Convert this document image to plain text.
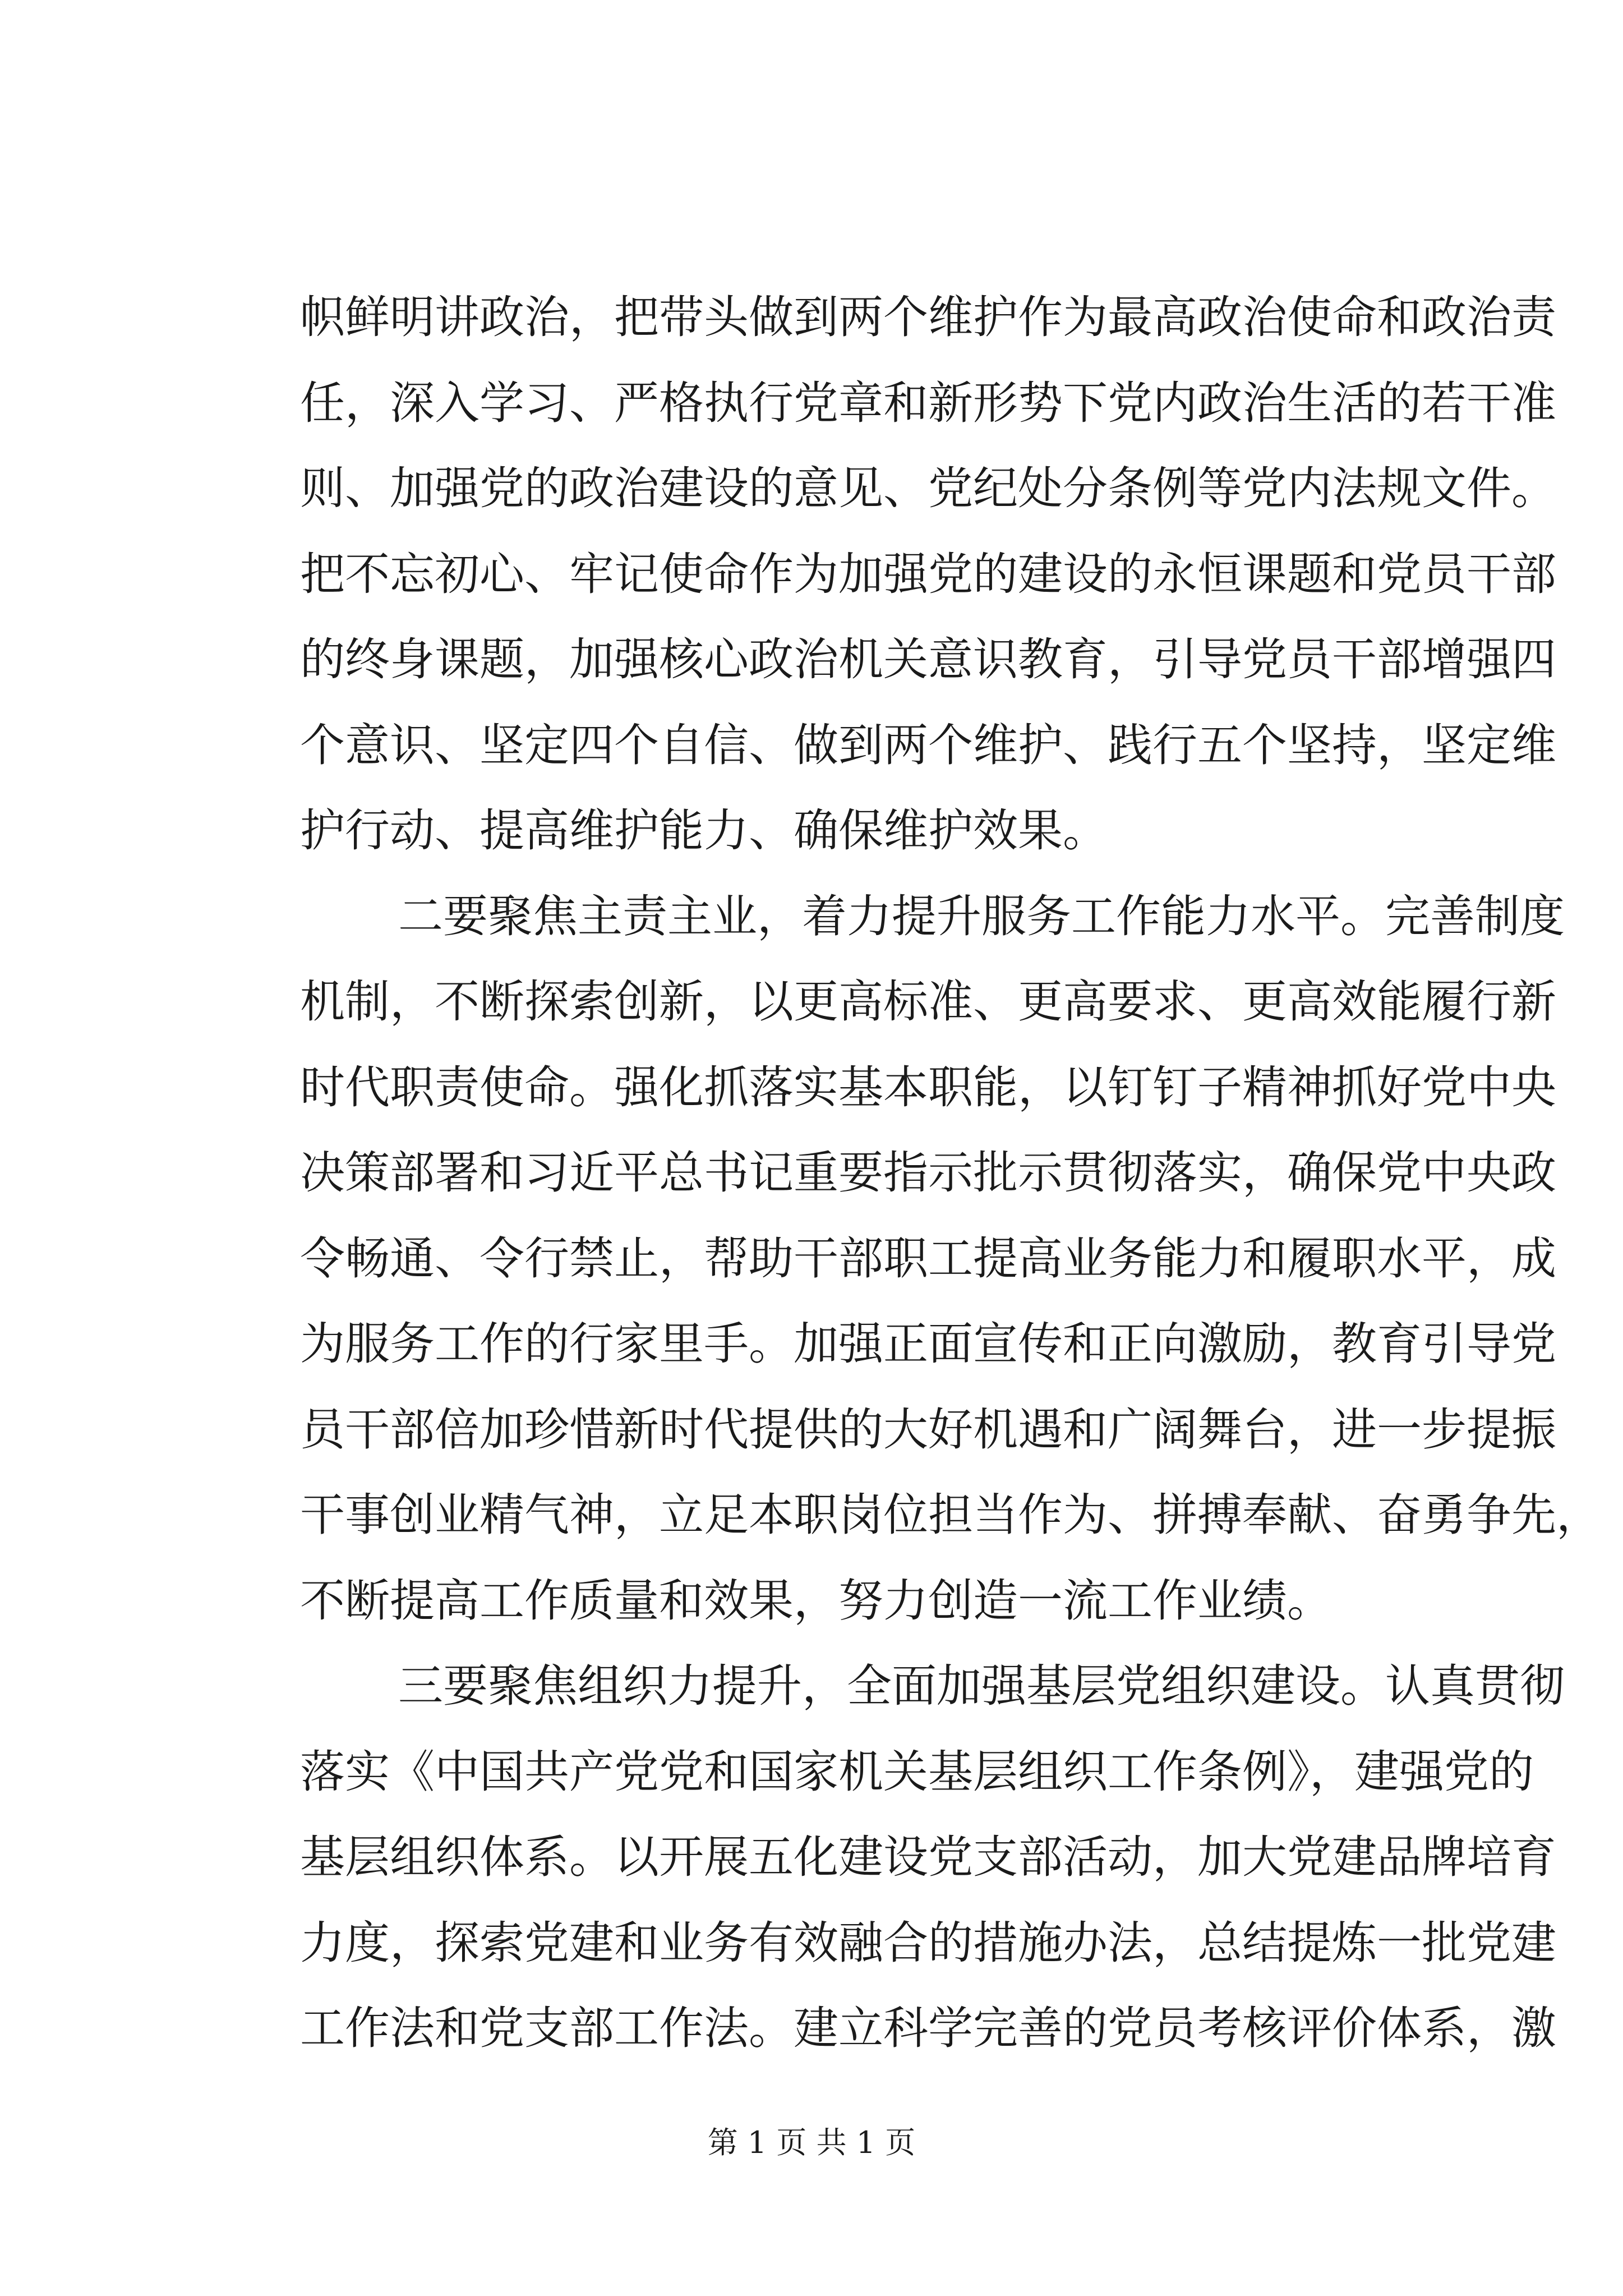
帜鲜明讲政治，把带头做到两个维护作为最高政治使命和政治责
任，深入学习、严格执行党章和新形势下党内政治生活的若干准
则、加强党的政治建设的意见、党纪处分条例等党内法规文件。
把不忘初心、牢记使命作为加强党的建设的永恒课题和党员干部
的终身课题，加强核心政治机关意识教育，引导党员干部增强四
个意识、坚定四个自信、做到两个维护、践行五个坚持，坚定维
护行动、提高维护能力、确保维护效果。
二要聚焦主责主业，着力提升服务工作能力水平。完善制度
机制，不断探索创新，以更高标准、更高要求、更高效能履行新
时代职责使命。强化抓落实基本职能，以钉钉子精神抓好党中央
决策部署和习近平总书记重要指示批示贯彻落实，确保党中央政
令畅通、令行禁止，帮助干部职工提高业务能力和履职水平，成
为服务工作的行家里手。加强正面宣传和正向激励，教育引导党
员干部倍加珍惜新时代提供的大好机遇和广阔舞台，进一步提振
干事创业精气神，立足本职岗位担当作为、拼搏奉献、奋勇争先，
不断提高工作质量和效果，努力创造一流工作业绩。
三要聚焦组织力提升，全面加强基层党组织建设。认真贯彻
落实《中国共产党党和国家机关基层组织工作条例》，建强党的
基层组织体系。以开展五化建设党支部活动，加大党建品牌培育
力度，探索党建和业务有效融合的措施办法，总结提炼一批党建
工作法和党支部工作法。建立科学完善的党员考核评价体系，激
第 1 页 共 1 页
